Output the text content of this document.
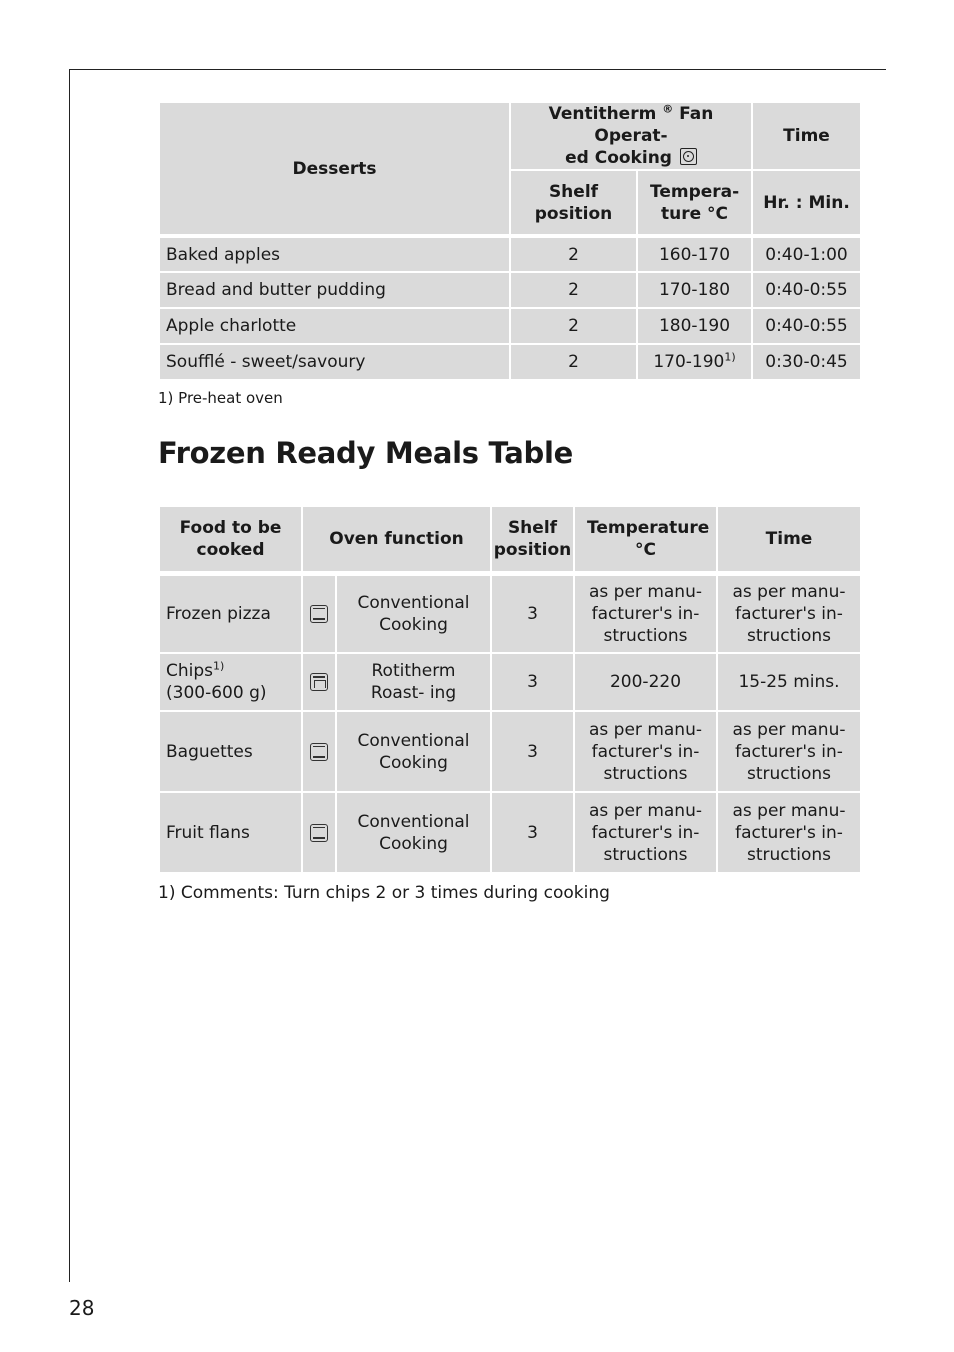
Desserts	Ventitherm ® Fan Operat-
ed Cooking		Time
	Shelf position	Tempera- ture °C	Hr. : Min.
Baked apples	2	160-170	0:40-1:00
Bread and butter pudding	2	170-180	0:40-0:55
Apple charlotte	2	180-190	0:40-0:55
Soufflé - sweet/savoury	2	170-190$^{1)}$	0:30-0:45
1) Pre-heat oven
Frozen Ready Meals Table
Food to be cooked	Oven function		Shelf position	Temperature °C	Time
Frozen pizza		Conventional Cooking	3	as per manu- facturer's in- structions	as per manu- facturer's in- structions
Chips$^{1)}$
(300-600 g)		Rotitherm Roast- ing	3	200-220	15-25 mins.
Baguettes		Conventional Cooking	3	as per manu- facturer's in- structions	as per manu- facturer's in- structions
Fruit flans		Conventional Cooking	3	as per manu- facturer's in- structions	as per manu- facturer's in- structions
1) Comments: Turn chips 2 or 3 times during cooking
28
